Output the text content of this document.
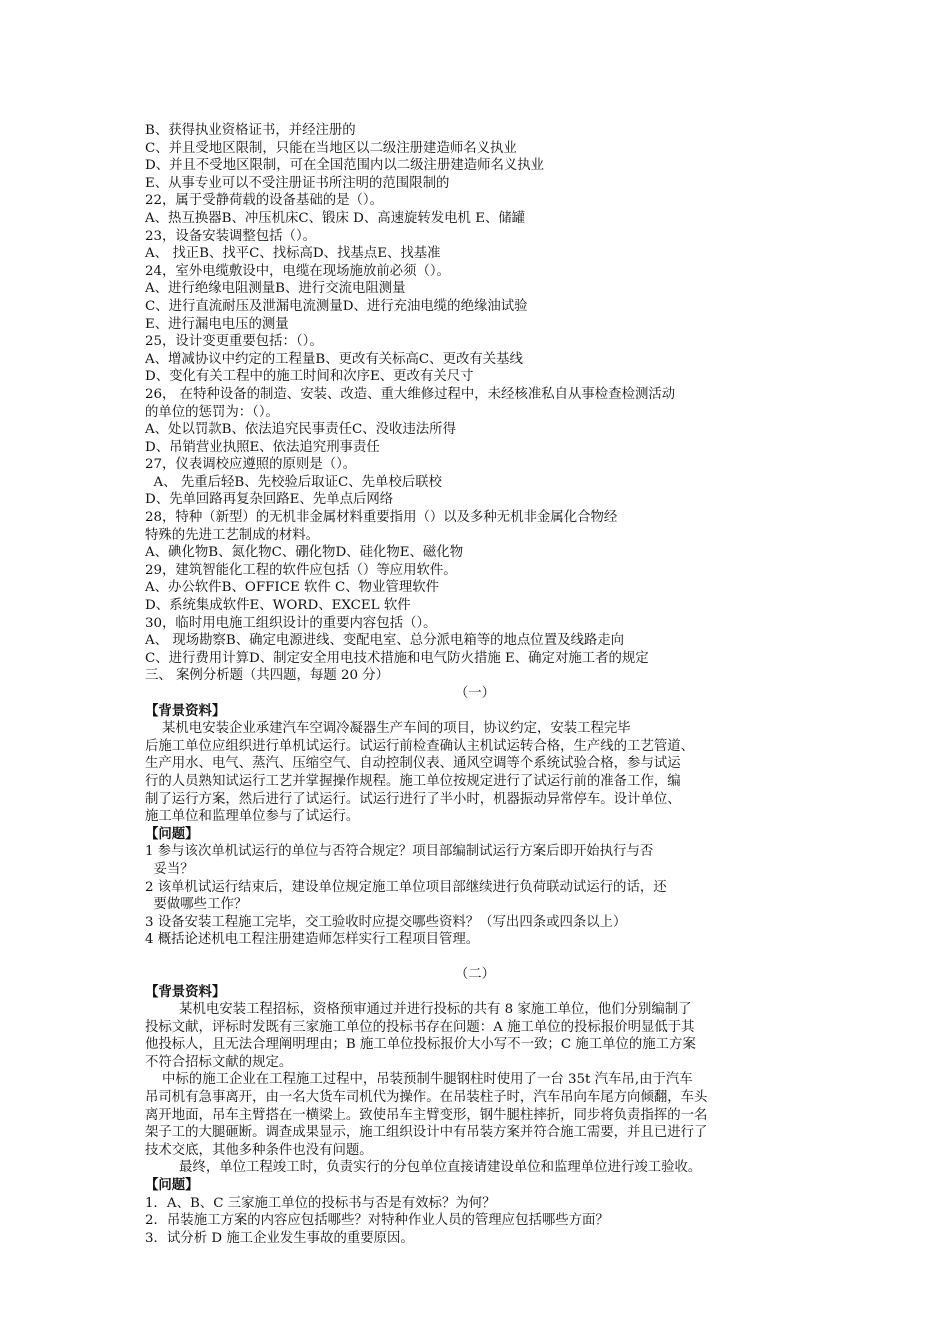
B、获得执业资格证书，并经注册的
C、并且受地区限制，只能在当地区以二级注册建造师名义执业
D、并且不受地区限制，可在全国范围内以二级注册建造师名义执业
E、从事专业可以不受注册证书所注明的范围限制的
22，属于受静荷载的设备基础的是（）。
A、热互换器B、冲压机床C、锻床 D、高速旋转发电机 E、储罐
23，设备安装调整包括（）。
A、 找正B、找平C、找标高D、找基点E、找基准
24，室外电缆敷设中，电缆在现场施放前必须（）。
A、进行绝缘电阻测量B、进行交流电阻测量
C、进行直流耐压及泄漏电流测量D、进行充油电缆的绝缘油试验
E、进行漏电电压的测量
25，设计变更重要包括：（）。
A、增减协议中约定的工程量B、更改有关标高C、更改有关基线
D、变化有关工程中的施工时间和次序E、更改有关尺寸
26， 在特种设备的制造、安装、改造、重大维修过程中，未经核准私自从事检查检测活动
的单位的惩罚为：（）。
A、处以罚款B、依法追究民事责任C、没收违法所得
D、吊销营业执照E、依法追究刑事责任
27，仪表调校应遵照的原则是（）。
A、 先重后轻B、先校验后取证C、先单校后联校
D、先单回路再复杂回路E、先单点后网络
28，特种（新型）的无机非金属材料重要指用（）以及多种无机非金属化合物经
特殊的先进工艺制成的材料。
A、碘化物B、氮化物C、硼化物D、硅化物E、磁化物
29，建筑智能化工程的软件应包括（）等应用软件。
A、办公软件B、OFFICE 软件 C、物业管理软件
D、系统集成软件E、WORD、EXCEL 软件
30，临时用电施工组织设计的重要内容包括（）。
A、 现场勘察B、确定电源进线、变配电室、总分派电箱等的地点位置及线路走向
C、进行费用计算D、制定安全用电技术措施和电气防火措施 E、确定对施工者的规定
三、 案例分析题（共四题，每题 20 分）
（一）
【背景资料】
某机电安装企业承建汽车空调冷凝器生产车间的项目，协议约定，安装工程完毕
后施工单位应组织进行单机试运行。试运行前检查确认主机试运转合格，生产线的工艺管道、
生产用水、电气、蒸汽、压缩空气、自动控制仪表、通风空调等个系统试验合格，参与试运
行的人员熟知试运行工艺并掌握操作规程。施工单位按规定进行了试运行前的准备工作，编
制了运行方案，然后进行了试运行。试运行进行了半小时，机器振动异常停车。设计单位、
施工单位和监理单位参与了试运行。
【问题】
1 参与该次单机试运行的单位与否符合规定？项目部编制试运行方案后即开始执行与否
妥当？
2 该单机试运行结束后，建设单位规定施工单位项目部继续进行负荷联动试运行的话，还
要做哪些工作？
3 设备安装工程施工完毕，交工验收时应提交哪些资料？（写出四条或四条以上）
4 概括论述机电工程注册建造师怎样实行工程项目管理。
（二）
【背景资料】
某机电安装工程招标，资格预审通过并进行投标的共有 8 家施工单位，他们分别编制了
投标文献，评标时发既有三家施工单位的投标书存在问题：A 施工单位的投标报价明显低于其
他投标人，且无法合理阐明理由；B 施工单位投标报价大小写不一致；C 施工单位的施工方案
不符合招标文献的规定。
中标的施工企业在工程施工过程中，吊装预制牛腿钢柱时使用了一台 35t 汽车吊,由于汽车
吊司机有急事离开，由一名大货车司机代为操作。在吊装柱子时，汽车吊向车尾方向倾翻，车头
离开地面，吊车主臂搭在一横梁上。致使吊车主臂变形，钢牛腿柱摔折，同步将负责指挥的一名
架子工的大腿砸断。调查成果显示，施工组织设计中有吊装方案并符合施工需要，并且已进行了
技术交底，其他多种条件也没有问题。
最终，单位工程竣工时，负责实行的分包单位直接请建设单位和监理单位进行竣工验收。
【问题】
1．A、B、C 三家施工单位的投标书与否是有效标？为何？
2．吊装施工方案的内容应包括哪些？对特种作业人员的管理应包括哪些方面？
3．试分析 D 施工企业发生事故的重要原因。
